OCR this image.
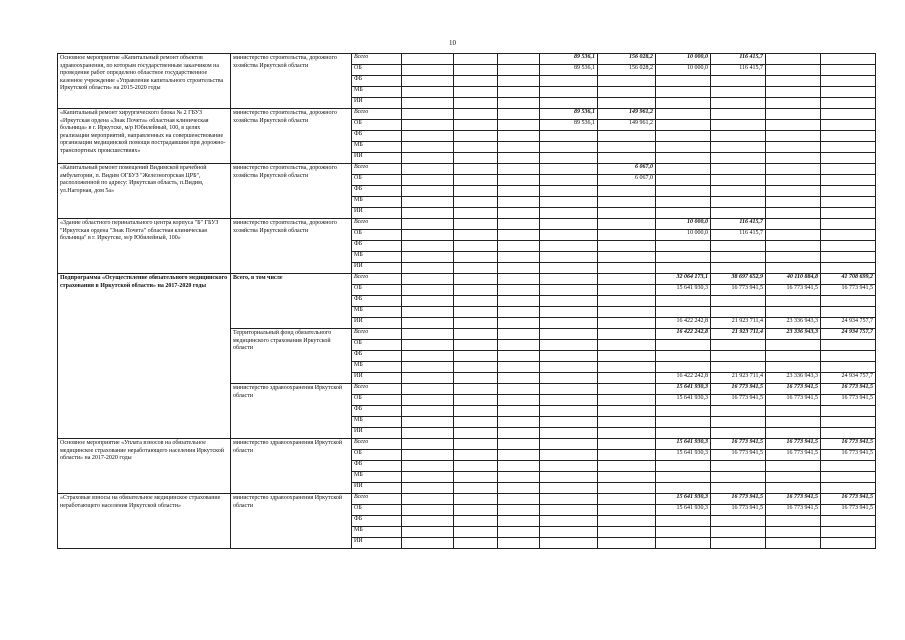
10
Основное мероприятие «Капитальный ремонт объектов здравоохранения, по которым государственным заказчиком на проведение работ определено областное государственное казенное учреждение «Управление капитального строительства Иркутской области» на 2015-2020 годы	министерство строительства, дорожного хозяйства Иркутской области	Всего				89 536,1	156 028,2	10 000,0	116 415,7		
		ОБ				89 536,1	156 028,2	10 000,0	116 415,7		
		ФБ									
		МБ									
		ИИ									
«Капитальный ремонт хирургического блока № 2 ГБУЗ «Иркутская ордена «Знак Почета» областная клиническая больница» в г. Иркутске, м/р Юбилейный, 100, в целях реализации мероприятий, направленных на совершенствование организации медицинской помощи пострадавшим при дорожно-транспортных происшествиях»	министерство строительства, дорожного хозяйства Иркутской области	Всего				89 536,1	149 961,2				
		ОБ				89 536,1	149 961,2				
		ФБ									
		МБ									
		ИИ									
«Капитальный ремонт помещений Видимской врачебной амбулатории, п. Видим ОГБУЗ "Железногорская ЦРБ", расположенной по адресу: Иркутская область, п.Видим, ул.Нагорная, дом 5а»	министерство строительства, дорожного хозяйства Иркутской области	Всего					6 067,0				
		ОБ					6 067,0				
		ФБ									
		МБ									
		ИИ									
«Здание областного перинатального центра корпуса "Б" ГБУЗ "Иркутская ордена "Знак Почета" областная клиническая больница" в г. Иркутске, м/р Юбилейный, 100»	министерство строительства, дорожного хозяйства Иркутской области	Всего						10 000,0	116 415,7		
		ОБ						10 000,0	116 415,7		
		ФБ									
		МБ									
		ИИ									
Подпрограмма «Осуществление обязательного медицинского страхования в Иркутской области» на 2017-2020 годы	Всего, в том числе	Всего						32 064 173,1	38 697 652,9	40 110 884,8	41 708 699,2
		ОБ						15 641 930,3	16 773 941,5	16 773 941,5	16 773 941,5
		ФБ									
		МБ									
		ИИ						16 422 242,8	21 923 711,4	23 336 943,3	24 934 757,7
	Территориальный фонд обязательного медицинского страхования Иркутской области	Всего						16 422 242,8	21 923 711,4	23 336 943,3	24 934 757,7
		ОБ									
		ФБ									
		МБ									
		ИИ						16 422 242,8	21 923 711,4	23 336 943,3	24 934 757,7
	министерство здравоохранения Иркутской области	Всего						15 641 930,3	16 773 941,5	16 773 941,5	16 773 941,5
		ОБ						15 641 930,3	16 773 941,5	16 773 941,5	16 773 941,5
		ФБ									
		МБ									
		ИИ									
Основное мероприятие «Уплата взносов на обязательное медицинское страхование неработающего населения Иркутской области» на 2017-2020 годы	министерство здравоохранения Иркутской области	Всего						15 641 930,3	16 773 941,5	16 773 941,5	16 773 941,5
		ОБ						15 641 930,3	16 773 941,5	16 773 941,5	16 773 941,5
		ФБ									
		МБ									
		ИИ									
«Страховые взносы на обязательное медицинское страхование неработающего населения Иркутской области»	министерство здравоохранения Иркутской области	Всего						15 641 930,3	16 773 941,5	16 773 941,5	16 773 941,5
		ОБ						15 641 930,3	16 773 941,5	16 773 941,5	16 773 941,5
		ФБ									
		МБ									
		ИИ									
